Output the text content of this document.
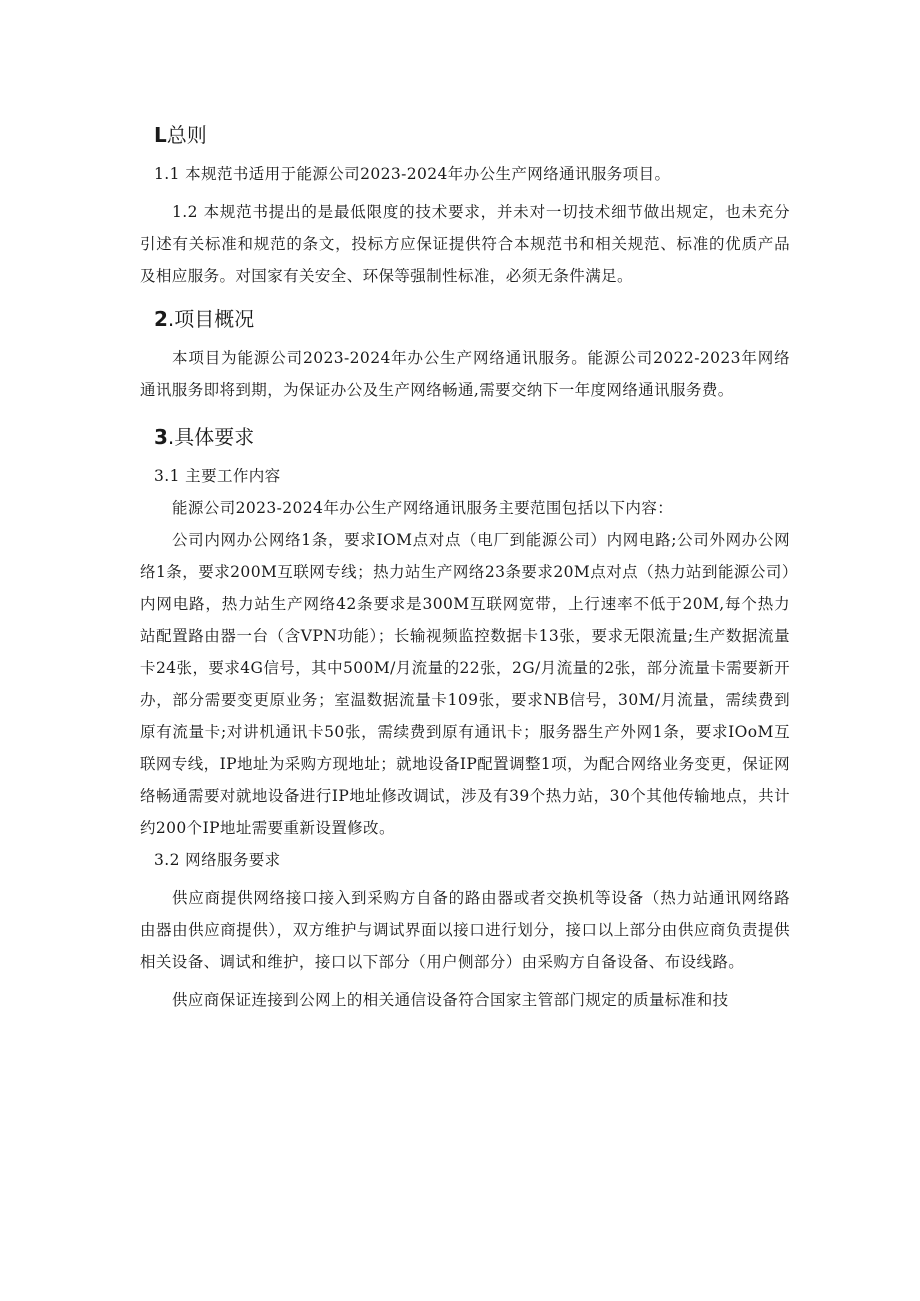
L总则

1.1 本规范书适用于能源公司2023-2024年办公生产网络通讯服务项目。

1.2 本规范书提出的是最低限度的技术要求，并未对一切技术细节做出规定，也未充分引述有关标准和规范的条文，投标方应保证提供符合本规范书和相关规范、标准的优质产品及相应服务。对国家有关安全、环保等强制性标准，必须无条件满足。

2.项目概况

本项目为能源公司2023-2024年办公生产网络通讯服务。能源公司2022-2023年网络通讯服务即将到期，为保证办公及生产网络畅通,需要交纳下一年度网络通讯服务费。

3.具体要求

3.1 主要工作内容

能源公司2023-2024年办公生产网络通讯服务主要范围包括以下内容：

公司内网办公网络1条，要求IOM点对点（电厂到能源公司）内网电路;公司外网办公网络1条，要求200M互联网专线；热力站生产网络23条要求20M点对点（热力站到能源公司）内网电路，热力站生产网络42条要求是300M互联网宽带，上行速率不低于20M,每个热力站配置路由器一台（含VPN功能）；长输视频监控数据卡13张，要求无限流量;生产数据流量卡24张，要求4G信号，其中500M/月流量的22张，2G/月流量的2张，部分流量卡需要新开办，部分需要变更原业务；室温数据流量卡109张，要求NB信号，30M/月流量，需续费到原有流量卡;对讲机通讯卡50张，需续费到原有通讯卡；服务器生产外网1条，要求IOoM互联网专线，IP地址为采购方现地址；就地设备IP配置调整1项，为配合网络业务变更，保证网络畅通需要对就地设备进行IP地址修改调试，涉及有39个热力站，30个其他传输地点，共计约200个IP地址需要重新设置修改。

3.2 网络服务要求

供应商提供网络接口接入到采购方自备的路由器或者交换机等设备（热力站通讯网络路由器由供应商提供），双方维护与调试界面以接口进行划分，接口以上部分由供应商负责提供相关设备、调试和维护，接口以下部分（用户侧部分）由采购方自备设备、布设线路。

供应商保证连接到公网上的相关通信设备符合国家主管部门规定的质量标准和技
